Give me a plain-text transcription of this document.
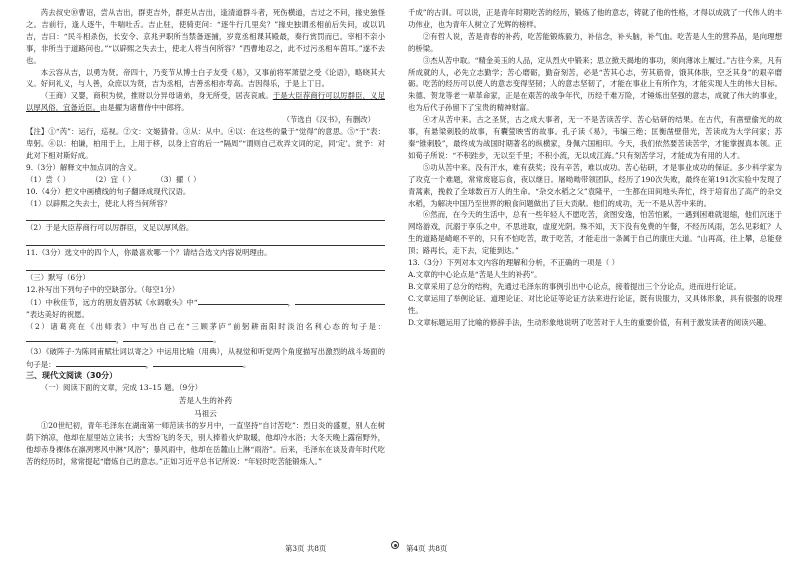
芮去叔史⑩曹诏，尝从吉出，群吏吉外，群吏从吉出，逢清道群斗者，死伤横道，吉过之不问，掾史独怪之。吉前行，逢人逐牛，牛喘吐舌。吉止驻，使骑吏问：“逐牛行几里矣？”掾史独谓丞相前后失问，或以讥吉，吉曰：“民斗相杀伤，长安令、京兆尹职所当禁备逐捕，岁竟丞相课其殿最，奏行赏罚而已。宰相不亲小事，非所当于道路问也。”“以辟熙之失去士，使北人将当何所容？”西曹地忍之，此不过污丞相车茵耳。”遂不去也。

本云容从吉，以勇为贤。帝四十，乃变节从博士白子友受《易》，又事前将军萧望之受《论语》，略晓其大义。好问礼义，与人善，众庶以为贤，吉为丞相，吉善丞相亦寿高。吉因得乐，于是上丁日。

（王商）又婴，商积为侯，推财以分异母诸弟，身无所受，居丧哀戚。于是大臣荐商行可以厉群臣，义足以厚风俗，宜备近臣。由是擢为诸曹侍中中郎将。

（节选自《汉书》，有删改）

【注】①“芮”：运行，巡视。②文：文姬猜骨。③从：从中。④以：在这些的量于“觉得”的意思。⑤“于”表：卑躬。⑥以：柏谦，柏用于上，上用于移，以身上官的后一“隔周”“谓则自己欢弄文词的定，同‘定’。赏予：对此对下相对斯好成。

9.（3分）解释文中加点词的含义。

（1）尝（ ）	（2）宜（ ）	（3）擢（ ）

10.（4分）把文中画横线的句子翻译成现代汉语。

（1）以辟熙之失去士，使北人将当何所容？

（2）于是大臣荐商行可以厉群臣，义足以厚风俗。

11.（3分）选文中的四个人，你最喜欢哪一个？请结合选文内容说明理由。

（三）默写（6分）

12.补写出下列句子中的空缺部分。（每空1分）

（1）中秋佳节，远方的朋友借苏轼《水调歌头》中“	，”表达美好的祝愿。

（2）诸葛亮在《出师表》中写出自己在“三顾茅庐”前躬耕南阳时淡泊名利心态的句子是：，	。

（3）《破阵子·为陈同甫赋壮词以寄之》中运用比喻（用典），从视觉和听觉两个角度描写出激烈的战斗场面的句子是：	，	。

三、现代文阅读（30分）

（一）阅读下面的文章，完成 13–15 题。（9分）

苦是人生的补药

马祖云

①20世纪初，青年毛泽东在湖南第一师范读书的岁月中，一直坚持“自讨苦吃”：烈日炎的盛夏，别人在树荫下纳凉，他却在屋里站立读书；大雪纷飞的冬天，别人捧着火炉取暖，他却冷水浴；大冬天晚上露宿野外，他却赤身裸体在凛冽寒风中淋“风浴”；暴风雨中，他却在岳麓山上淋“雨浴”。后来，毛泽东在谈及青年时代吃苦的经历时，常常提起“磨炼自己的意志。”正如习近平总书记所说：“年轻时吃苦能锻炼人。”

千成”的古训。可以说，正是青年时期吃苦的经历，锻炼了他的意志，铸就了他的性格，才得以成就了一代伟人的丰功伟业，也为青年人树立了光辉的榜样。

②有哲人说，苦是青春的补药，吃苦能锻炼毅力，补信念，补头脑，补气血。吃苦是人生的营养品，是向理想的桥梁。

③杰从苦中取。“精金美玉的人品，定从烈火中锻来；思立掀天揭地的事功，须向薄冰上履过。”古往今来，凡有所成就的人，必先立志勤学；苦心磨砺，勤奋刻苦，必是“苦其心志，劳其筋骨，饿其体肤，空乏其身”的艰辛磨砺。吃苦的经历可以使人的意志变得坚韧；人的意志坚韧了，才能在事业上有所作为，才能实现人生的伟大目标。朱德、贺龙等老一辈革命家，正是在艰苦的战争年代，历经千难万险，才锤炼出坚强的意志，成就了伟大的事业，也为后代子孙留下了宝贵的精神财富。

④才从苦中来。古之圣贤，古之成大事者，无一不是苦读苦学、苦心钻研的结果。在古代，有凿壁偷光的故事，有悬梁刺股的故事，有囊萤映雪的故事。孔子读《易》，韦编三绝；匡衡凿壁借光，苦读成为大学问家；苏秦“锥刺股”，最终成为战国时期著名的纵横家，身佩六国相印。今天，我们依然要苦读苦学，才能掌握真本领。正如荀子所说：“不积跬步，无以至千里；不积小流，无以成江海。”只有刻苦学习，才能成为有用的人才。

⑤功从苦中来。没有汗水，难有获奖；没有辛苦，难以成功。苦心钻研，才是事业成功的保证。多少科学家为了攻克一个难题，常常废寝忘食，夜以继日。屠呦呦带领团队，经历了190次失败，最终在第191次实验中发现了青蒿素，挽救了全球数百万人的生命。“杂交水稻之父”袁隆平，一生都在田间地头奔忙，终于培育出了高产的杂交水稻，为解决中国乃至世界的粮食问题做出了巨大贡献。他们的成功，无一不是从苦中来的。

⑥然而，在今天的生活中，总有一些年轻人不愿吃苦，贪图安逸，怕苦怕累，一遇到困难就退缩，他们沉迷于网络游戏，沉溺于享乐之中，不思进取，虚度光阴。殊不知，天下没有免费的午餐，不经历风雨，怎么见彩虹？人生的道路是崎岖不平的，只有不怕吃苦，敢于吃苦，才能走出一条属于自己的康庄大道。“山再高，往上攀，总能登顶；路再长，走下去，定能到达。”

13.（3分）下列对本文内容的理解和分析，不正确的一项是（ ）

A.文章的中心论点是“苦是人生的补药”。

B.文章采用了总分的结构，先通过毛泽东的事例引出中心论点，接着提出三个分论点，进而进行论证。

C.文章运用了举例论证、道理论证、对比论证等论证方法来进行论证，既有说服力，又具体形象，具有很强的说理性。

D.文章标题运用了比喻的修辞手法，生动形象地说明了吃苦对于人生的重要价值，有利于激发读者的阅读兴趣。

第3页 共8页	第4页 共8页
